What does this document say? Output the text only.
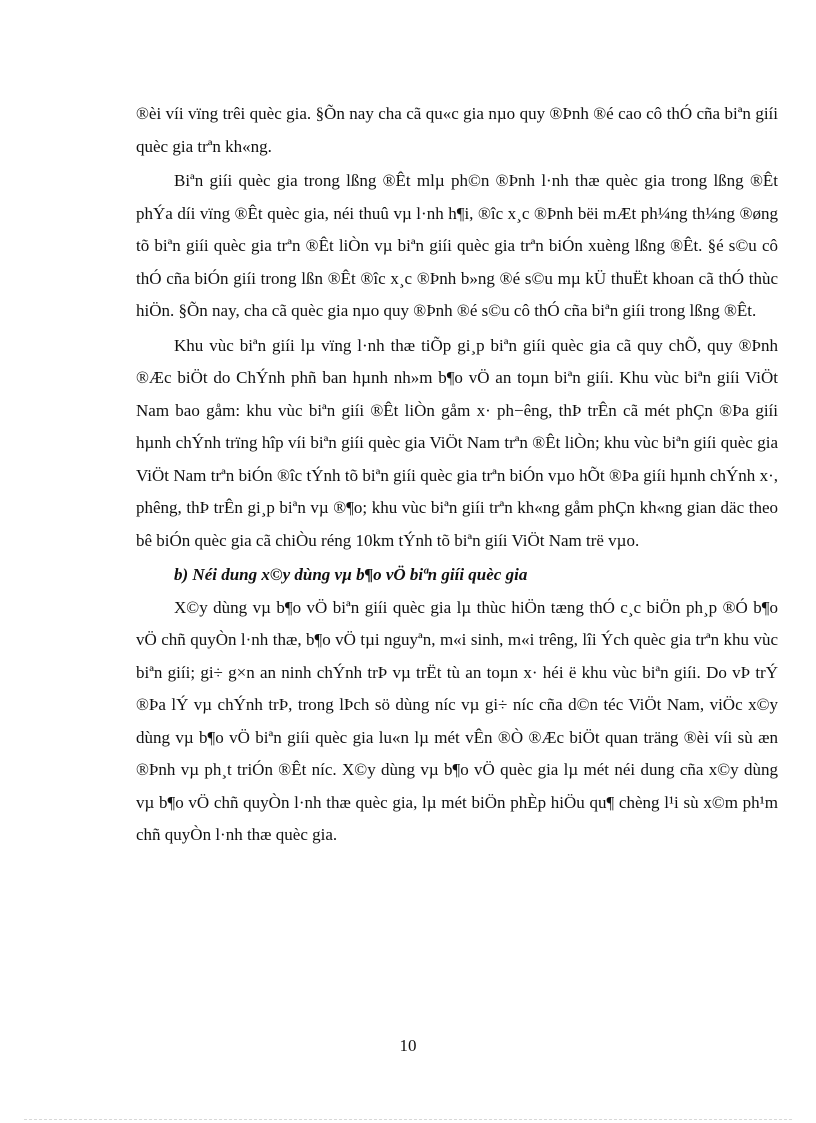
®èi víi vïng trêi quèc gia. §Õn nay cha cã qu«c gia nµo quy ®Þnh ®é cao cô thÓ cña biªn giíi quèc gia trªn kh«ng.

Biªn giíi quèc gia trong lßng ®Êt mlµ ph©n ®Þnh l·nh thæ quèc gia trong lßng ®Êt phÝa díi vïng ®Êt quèc gia, néi thuû vµ l·nh h¶i, ®îc x¸c ®Þnh bëi mÆt ph¼ng th¼ng ®øng tõ biªn giíi quèc gia trªn ®Êt liÒn vµ biªn giíi quèc gia trªn biÓn xuèng lßng ®Êt. §é s©u cô thÓ cña biÓn giíi trong lßn ®Êt ®îc x¸c ®Þnh b»ng ®é s©u mµ kÜ thuËt khoan cã thÓ thùc hiÖn. §Õn nay, cha cã quèc gia nµo quy ®Þnh ®é s©u cô thÓ cña biªn giíi trong lßng ®Êt.

Khu vùc biªn giíi lµ vïng l·nh thæ tiÕp gi¸p biªn giíi quèc gia cã quy chÕ, quy ®Þnh ®Æc biÖt do ChÝnh phñ ban hµnh nh»m b¶o vÖ an toµn biªn giíi. Khu vùc biªn giíi ViÖt Nam bao gåm: khu vùc biªn giíi ®Êt liÒn gåm x· ph−êng, thÞ trÊn cã mét phÇn ®Þa giíi hµnh chÝnh trïng hîp víi biªn giíi quèc gia ViÖt Nam trªn ®Êt liÒn; khu vùc biªn giíi quèc gia ViÖt Nam trªn biÓn ®îc tÝnh tõ biªn giíi quèc gia trªn biÓn vµo hÕt ®Þa giíi hµnh chÝnh x·, phêng, thÞ trÊn gi¸p biªn vµ ®¶o; khu vùc biªn giíi trªn kh«ng gåm phÇn kh«ng gian däc theo bê biÓn quèc gia cã chiÒu réng 10km tÝnh tõ biªn giíi ViÖt Nam trë vµo.

b) Néi dung x©y dùng vµ b¶o vÖ biªn giíi quèc gia

X©y dùng vµ b¶o vÖ biªn giíi quèc gia lµ thùc hiÖn tæng thÓ c¸c biÖn ph¸p ®Ó b¶o vÖ chñ quyÒn l·nh thæ, b¶o vÖ tµi nguyªn, m«i sinh, m«i trêng, lîi Ých quèc gia trªn khu vùc biªn giíi; gi÷ g×n an ninh chÝnh trÞ vµ trËt tù an toµn x· héi ë khu vùc biªn giíi. Do vÞ trÝ ®Þa lÝ vµ chÝnh trÞ, trong lÞch sö dùng níc vµ gi÷ níc cña d©n téc ViÖt Nam, viÖc x©y dùng vµ b¶o vÖ biªn giíi quèc gia lu«n lµ mét vÊn ®Ò ®Æc biÖt quan träng ®èi víi sù æn ®Þnh vµ ph¸t triÓn ®Êt níc. X©y dùng vµ b¶o vÖ quèc gia lµ mét néi dung cña x©y dùng vµ b¶o vÖ chñ quyÒn l·nh thæ quèc gia, lµ mét biÖn phÈp hiÖu qu¶ chèng l¹i sù x©m ph¹m chñ quyÒn l·nh thæ quèc gia.

10
